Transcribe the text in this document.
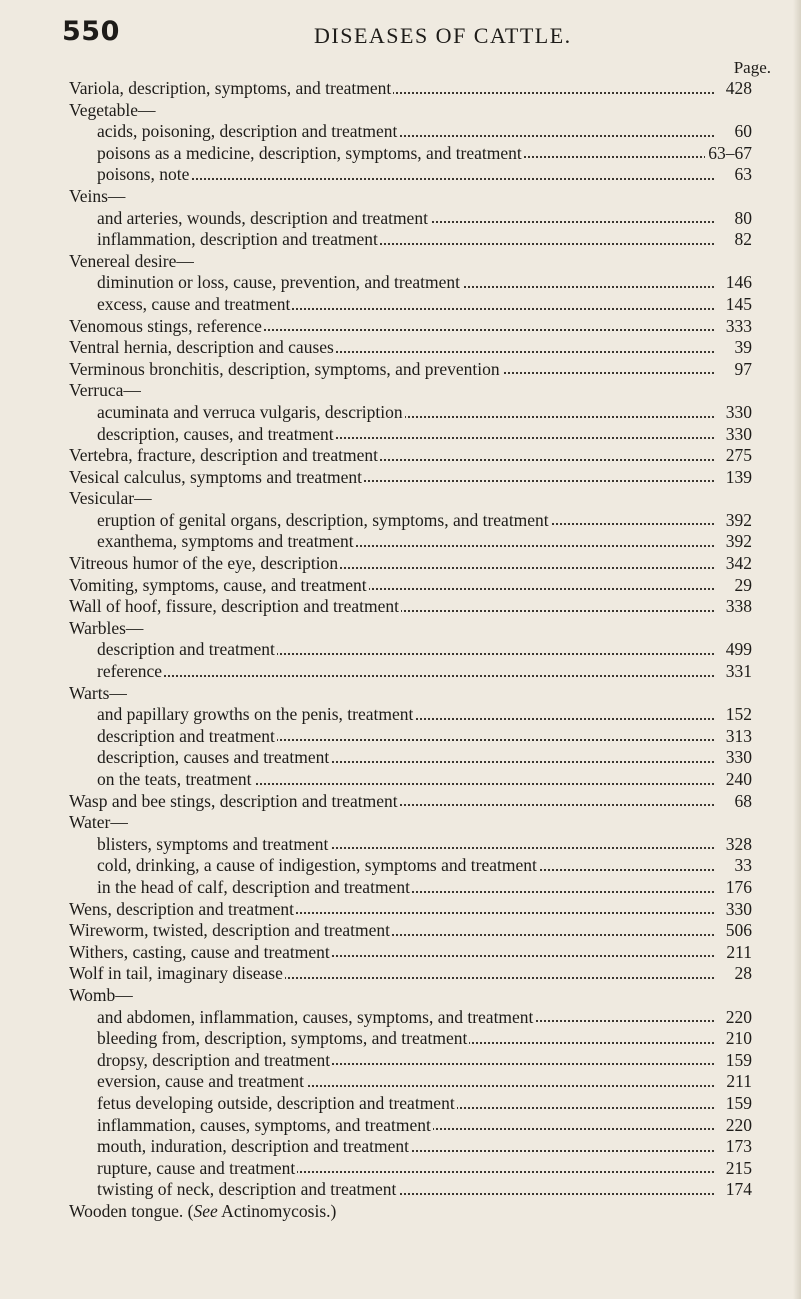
550	DISEASES OF CATTLE.
Page.
Variola, description, symptoms, and treatment	428
Vegetable—
acids, poisoning, description and treatment	60
poisons as a medicine, description, symptoms, and treatment	63–67
poisons, note	63
Veins—
and arteries, wounds, description and treatment	80
inflammation, description and treatment	82
Venereal desire—
diminution or loss, cause, prevention, and treatment	146
excess, cause and treatment	145
Venomous stings, reference	333
Ventral hernia, description and causes	39
Verminous bronchitis, description, symptoms, and prevention	97
Verruca—
acuminata and verruca vulgaris, description	330
description, causes, and treatment	330
Vertebra, fracture, description and treatment	275
Vesical calculus, symptoms and treatment	139
Vesicular—
eruption of genital organs, description, symptoms, and treatment	392
exanthema, symptoms and treatment	392
Vitreous humor of the eye, description	342
Vomiting, symptoms, cause, and treatment	29
Wall of hoof, fissure, description and treatment	338
Warbles—
description and treatment	499
reference	331
Warts—
and papillary growths on the penis, treatment	152
description and treatment	313
description, causes and treatment	330
on the teats, treatment	240
Wasp and bee stings, description and treatment	68
Water—
blisters, symptoms and treatment	328
cold, drinking, a cause of indigestion, symptoms and treatment	33
in the head of calf, description and treatment	176
Wens, description and treatment	330
Wireworm, twisted, description and treatment	506
Withers, casting, cause and treatment	211
Wolf in tail, imaginary disease	28
Womb—
and abdomen, inflammation, causes, symptoms, and treatment	220
bleeding from, description, symptoms, and treatment	210
dropsy, description and treatment	159
eversion, cause and treatment	211
fetus developing outside, description and treatment	159
inflammation, causes, symptoms, and treatment	220
mouth, induration, description and treatment	173
rupture, cause and treatment	215
twisting of neck, description and treatment	174
Wooden tongue. (See Actinomycosis.)
